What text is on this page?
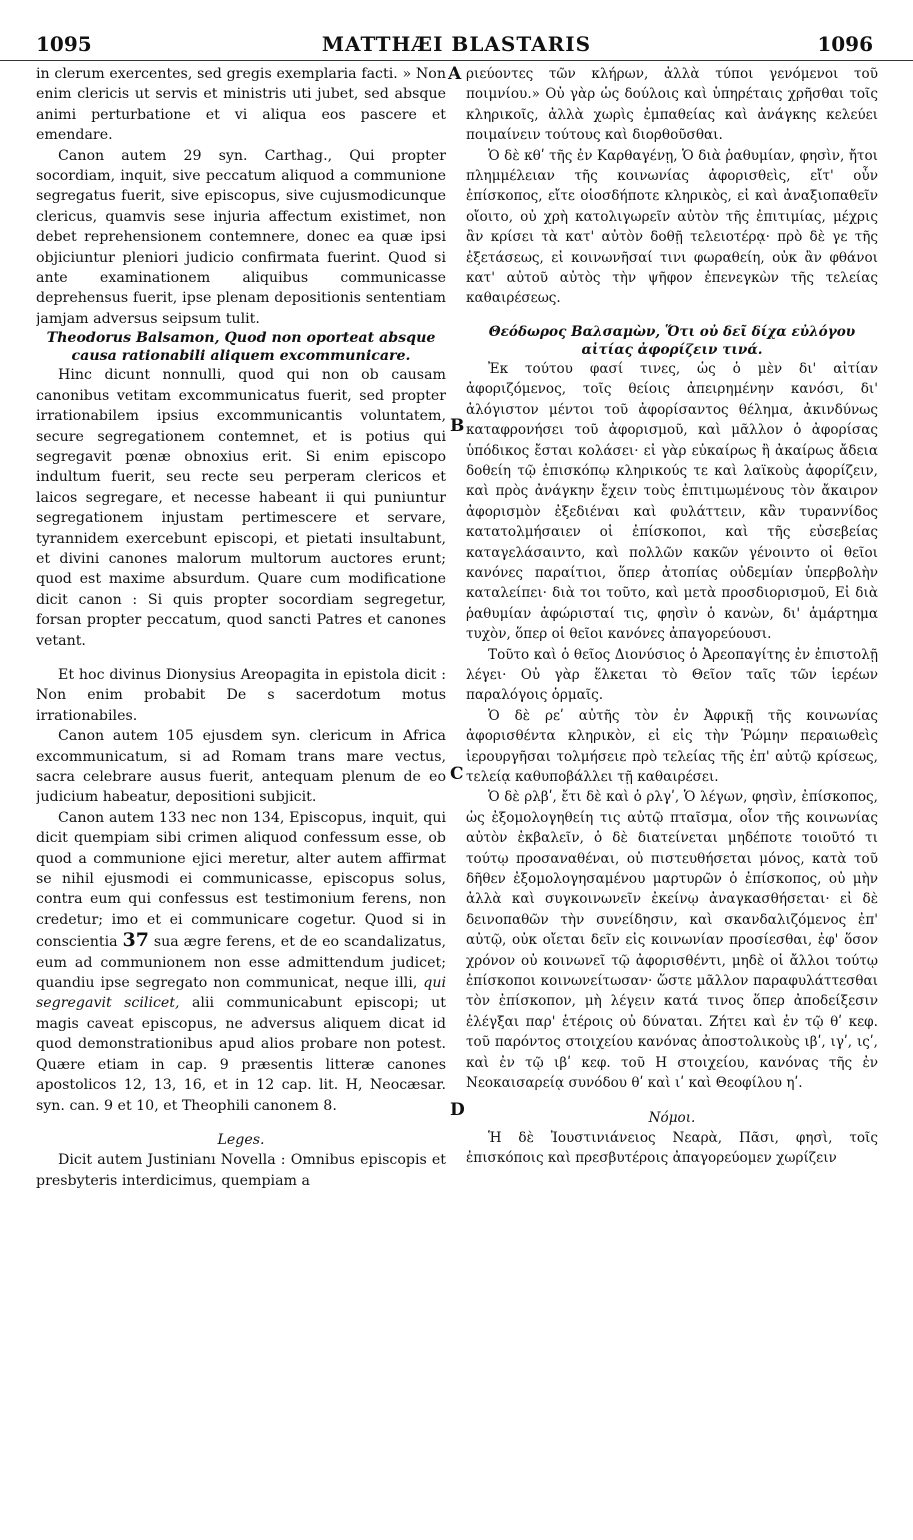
1095	MATTHÆI BLASTARIS	1096
A
B
C
D

in clerum exercentes, sed gregis exemplaria facti. » Non enim clericis ut servis et ministris uti jubet, sed absque animi perturbatione et vi aliqua eos pascere et emendare.

Canon autem 29 syn. Carthag., Qui propter socordiam, inquit, sive peccatum aliquod a communione segregatus fuerit, sive episcopus, sive cujusmodicunque clericus, quamvis sese injuria affectum existimet, non debet reprehensionem contemnere, donec ea quæ ipsi objiciuntur pleniori judicio confirmata fuerint. Quod si ante examinationem aliquibus communicasse deprehensus fuerit, ipse plenam depositionis sententiam jamjam adversus seipsum tulit.

Theodorus Balsamon, Quod non oporteat absque causa rationabili aliquem excommunicare.

Hinc dicunt nonnulli, quod qui non ob causam canonibus vetitam excommunicatus fuerit, sed propter irrationabilem ipsius excommunicantis voluntatem, secure segregationem contemnet, et is potius qui segregavit pœnæ obnoxius erit. Si enim episcopo indultum fuerit, seu recte seu perperam clericos et laicos segregare, et necesse habeant ii qui puniuntur segregationem injustam pertimescere et servare, tyrannidem exercebunt episcopi, et pietati insultabunt, et divini canones malorum multorum auctores erunt; quod est maxime absurdum. Quare cum modificatione dicit canon : Si quis propter socordiam segregetur, forsan propter peccatum, quod sancti Patres et canones vetant.

Et hoc divinus Dionysius Areopagita in epistola dicit : Non enim probabit De s sacerdotum motus irrationabiles.

Canon autem 105 ejusdem syn. clericum in Africa excommunicatum, si ad Romam trans mare vectus, sacra celebrare ausus fuerit, antequam plenum de eo judicium habeatur, depositioni subjicit.

Canon autem 133 nec non 134, Episcopus, inquit, qui dicit quempiam sibi crimen aliquod confessum esse, ob quod a communione ejici meretur, alter autem affirmat se nihil ejusmodi ei communicasse, episcopus solus, contra eum qui confessus est testimonium ferens, non credetur; imo et ei communicare cogetur. Quod si in conscientia 37 sua ægre ferens, et de eo scandalizatus, eum ad communionem non esse admittendum judicet; quandiu ipse segregato non communicat, neque illi, qui segregavit scilicet, alii communicabunt episcopi; ut magis caveat episcopus, ne adversus aliquem dicat id quod demonstrationibus apud alios probare non potest. Quære etiam in cap. 9 præsentis litteræ canones apostolicos 12, 13, 16, et in 12 cap. lit. H, Neocæsar. syn. can. 9 et 10, et Theophili canonem 8.

Leges.

Dicit autem Justinianı Novella : Omnibus episcopis et presbyteris interdicimus, quempiam a

ριεύοντες τῶν κλήρων, ἀλλὰ τύποι γενόμενοι τοῦ ποιμνίου.» Οὐ γὰρ ὡς δούλοις καὶ ὑπηρέταις χρῆσθαι τοῖς κληρικοῖς, ἀλλὰ χωρὶς ἐμπαθείας καὶ ἀνάγκης κελεύει ποιμαίνειν τούτους καὶ διορθοῦσθαι.

Ὁ δὲ κθʹ τῆς ἐν Καρθαγένῃ, Ὁ διὰ ῥαθυμίαν, φησὶν, ἤτοι πλημμέλειαν τῆς κοινωνίας ἀφορισθεὶς, εἴτ' οὖν ἐπίσκοπος, εἴτε οἱοσδήποτε κληρικὸς, εἰ καὶ ἀναξιοπαθεῖν οἴοιτο, οὐ χρὴ κατολιγωρεῖν αὐτὸν τῆς ἐπιτιμίας, μέχρις ἂν κρίσει τὰ κατ' αὐτὸν δοθῇ τελειοτέρᾳ· πρὸ δὲ γε τῆς ἐξετάσεως, εἰ κοινωνῆσαί τινι φωραθείη, οὐκ ἂν φθάνοι κατ' αὐτοῦ αὐτὸς τὴν ψῆφον ἐπενεγκὼν τῆς τελείας καθαιρέσεως.

Θεόδωρος Βαλσαμὼν, Ὅτι οὐ δεῖ δίχα εὐλόγου αἰτίας ἀφορίζειν τινά.

Ἐκ τούτου φασί τινες, ὡς ὁ μὲν δι' αἰτίαν ἀφοριζόμενος, τοῖς θείοις ἀπειρημένην κανόσι, δι' ἀλόγιστον μέντοι τοῦ ἀφορίσαντος θέλημα, ἀκινδύνως καταφρονήσει τοῦ ἀφορισμοῦ, καὶ μᾶλλον ὁ ἀφορίσας ὑπόδικος ἔσται κολάσει· εἰ γὰρ εὐκαίρως ἢ ἀκαίρως ἄδεια δοθείη τῷ ἐπισκόπῳ κληρικούς τε καὶ λαϊκοὺς ἀφορίζειν, καὶ πρὸς ἀνάγκην ἔχειν τοὺς ἐπιτιμωμένους τὸν ἄκαιρον ἀφορισμὸν ἐξεδιέναι καὶ φυλάττειν, κἂν τυραννίδος κατατολμήσαιεν οἱ ἐπίσκοποι, καὶ τῆς εὐσεβείας καταγελάσαιντο, καὶ πολλῶν κακῶν γένοιντο οἱ θεῖοι κανόνες παραίτιοι, ὅπερ ἀτοπίας οὐδεμίαν ὑπερβολὴν καταλείπει· διὰ τοι τοῦτο, καὶ μετὰ προσδιορισμοῦ, Εἰ διὰ ῥαθυμίαν ἀφώρισταί τις, φησὶν ὁ κανὼν, δι' ἁμάρτημα τυχὸν, ὅπερ οἱ θεῖοι κανόνες ἀπαγορεύουσι.

Τοῦτο καὶ ὁ θεῖος Διονύσιος ὁ Ἀρεοπαγίτης ἐν ἐπιστολῇ λέγει· Οὐ γὰρ ἕλκεται τὸ Θεῖον ταῖς τῶν ἱερέων παραλόγοις ὁρμαῖς.

Ὁ δὲ ρεʹ αὐτῆς τὸν ἐν Ἀφρικῇ τῆς κοινωνίας ἀφορισθέντα κληρικὸν, εἰ εἰς τὴν Ῥώμην περαιωθεὶς ἱερουργῆσαι τολμήσειε πρὸ τελείας τῆς ἐπ' αὐτῷ κρίσεως, τελείᾳ καθυποβάλλει τῇ καθαιρέσει.

Ὁ δὲ ρλβʹ, ἔτι δὲ καὶ ὁ ρλγʹ, Ὁ λέγων, φησὶν, ἐπίσκοπος, ὡς ἐξομολογηθείη τις αὐτῷ πταῖσμα, οἷον τῆς κοινωνίας αὐτὸν ἐκβαλεῖν, ὁ δὲ διατείνεται μηδέποτε τοιοῦτό τι τούτῳ προσαναθέναι, οὐ πιστευθήσεται μόνος, κατὰ τοῦ δῆθεν ἐξομολογησαμένου μαρτυρῶν ὁ ἐπίσκοπος, οὐ μὴν ἀλλὰ καὶ συγκοινωνεῖν ἐκείνῳ ἀναγκασθήσεται· εἰ δὲ δεινοπαθῶν τὴν συνείδησιν, καὶ σκανδαλιζόμενος ἐπ' αὐτῷ, οὐκ οἴεται δεῖν εἰς κοινωνίαν προσίεσθαι, ἐφ' ὅσον χρόνον οὐ κοινωνεῖ τῷ ἀφορισθέντι, μηδὲ οἱ ἄλλοι τούτῳ ἐπίσκοποι κοινωνείτωσαν· ὥστε μᾶλλον παραφυλάττεσθαι τὸν ἐπίσκοπον, μὴ λέγειν κατά τινος ὅπερ ἀποδείξεσιν ἐλέγξαι παρ' ἑτέροις οὐ δύναται. Ζήτει καὶ ἐν τῷ θʹ κεφ. τοῦ παρόντος στοιχείου κανόνας ἀποστολικοὺς ιβʹ, ιγʹ, ιςʹ, καὶ ἐν τῷ ιβʹ κεφ. τοῦ Η στοιχείου, κανόνας τῆς ἐν Νεοκαισαρείᾳ συνόδου θʹ καὶ ιʹ καὶ Θεοφίλου ηʹ.

Νόμοι.

Ἡ δὲ Ἰουστινιάνειος Νεαρὰ, Πᾶσι, φησὶ, τοῖς ἐπισκόποις καὶ πρεσβυτέροις ἀπαγορεύομεν χωρίζειν
